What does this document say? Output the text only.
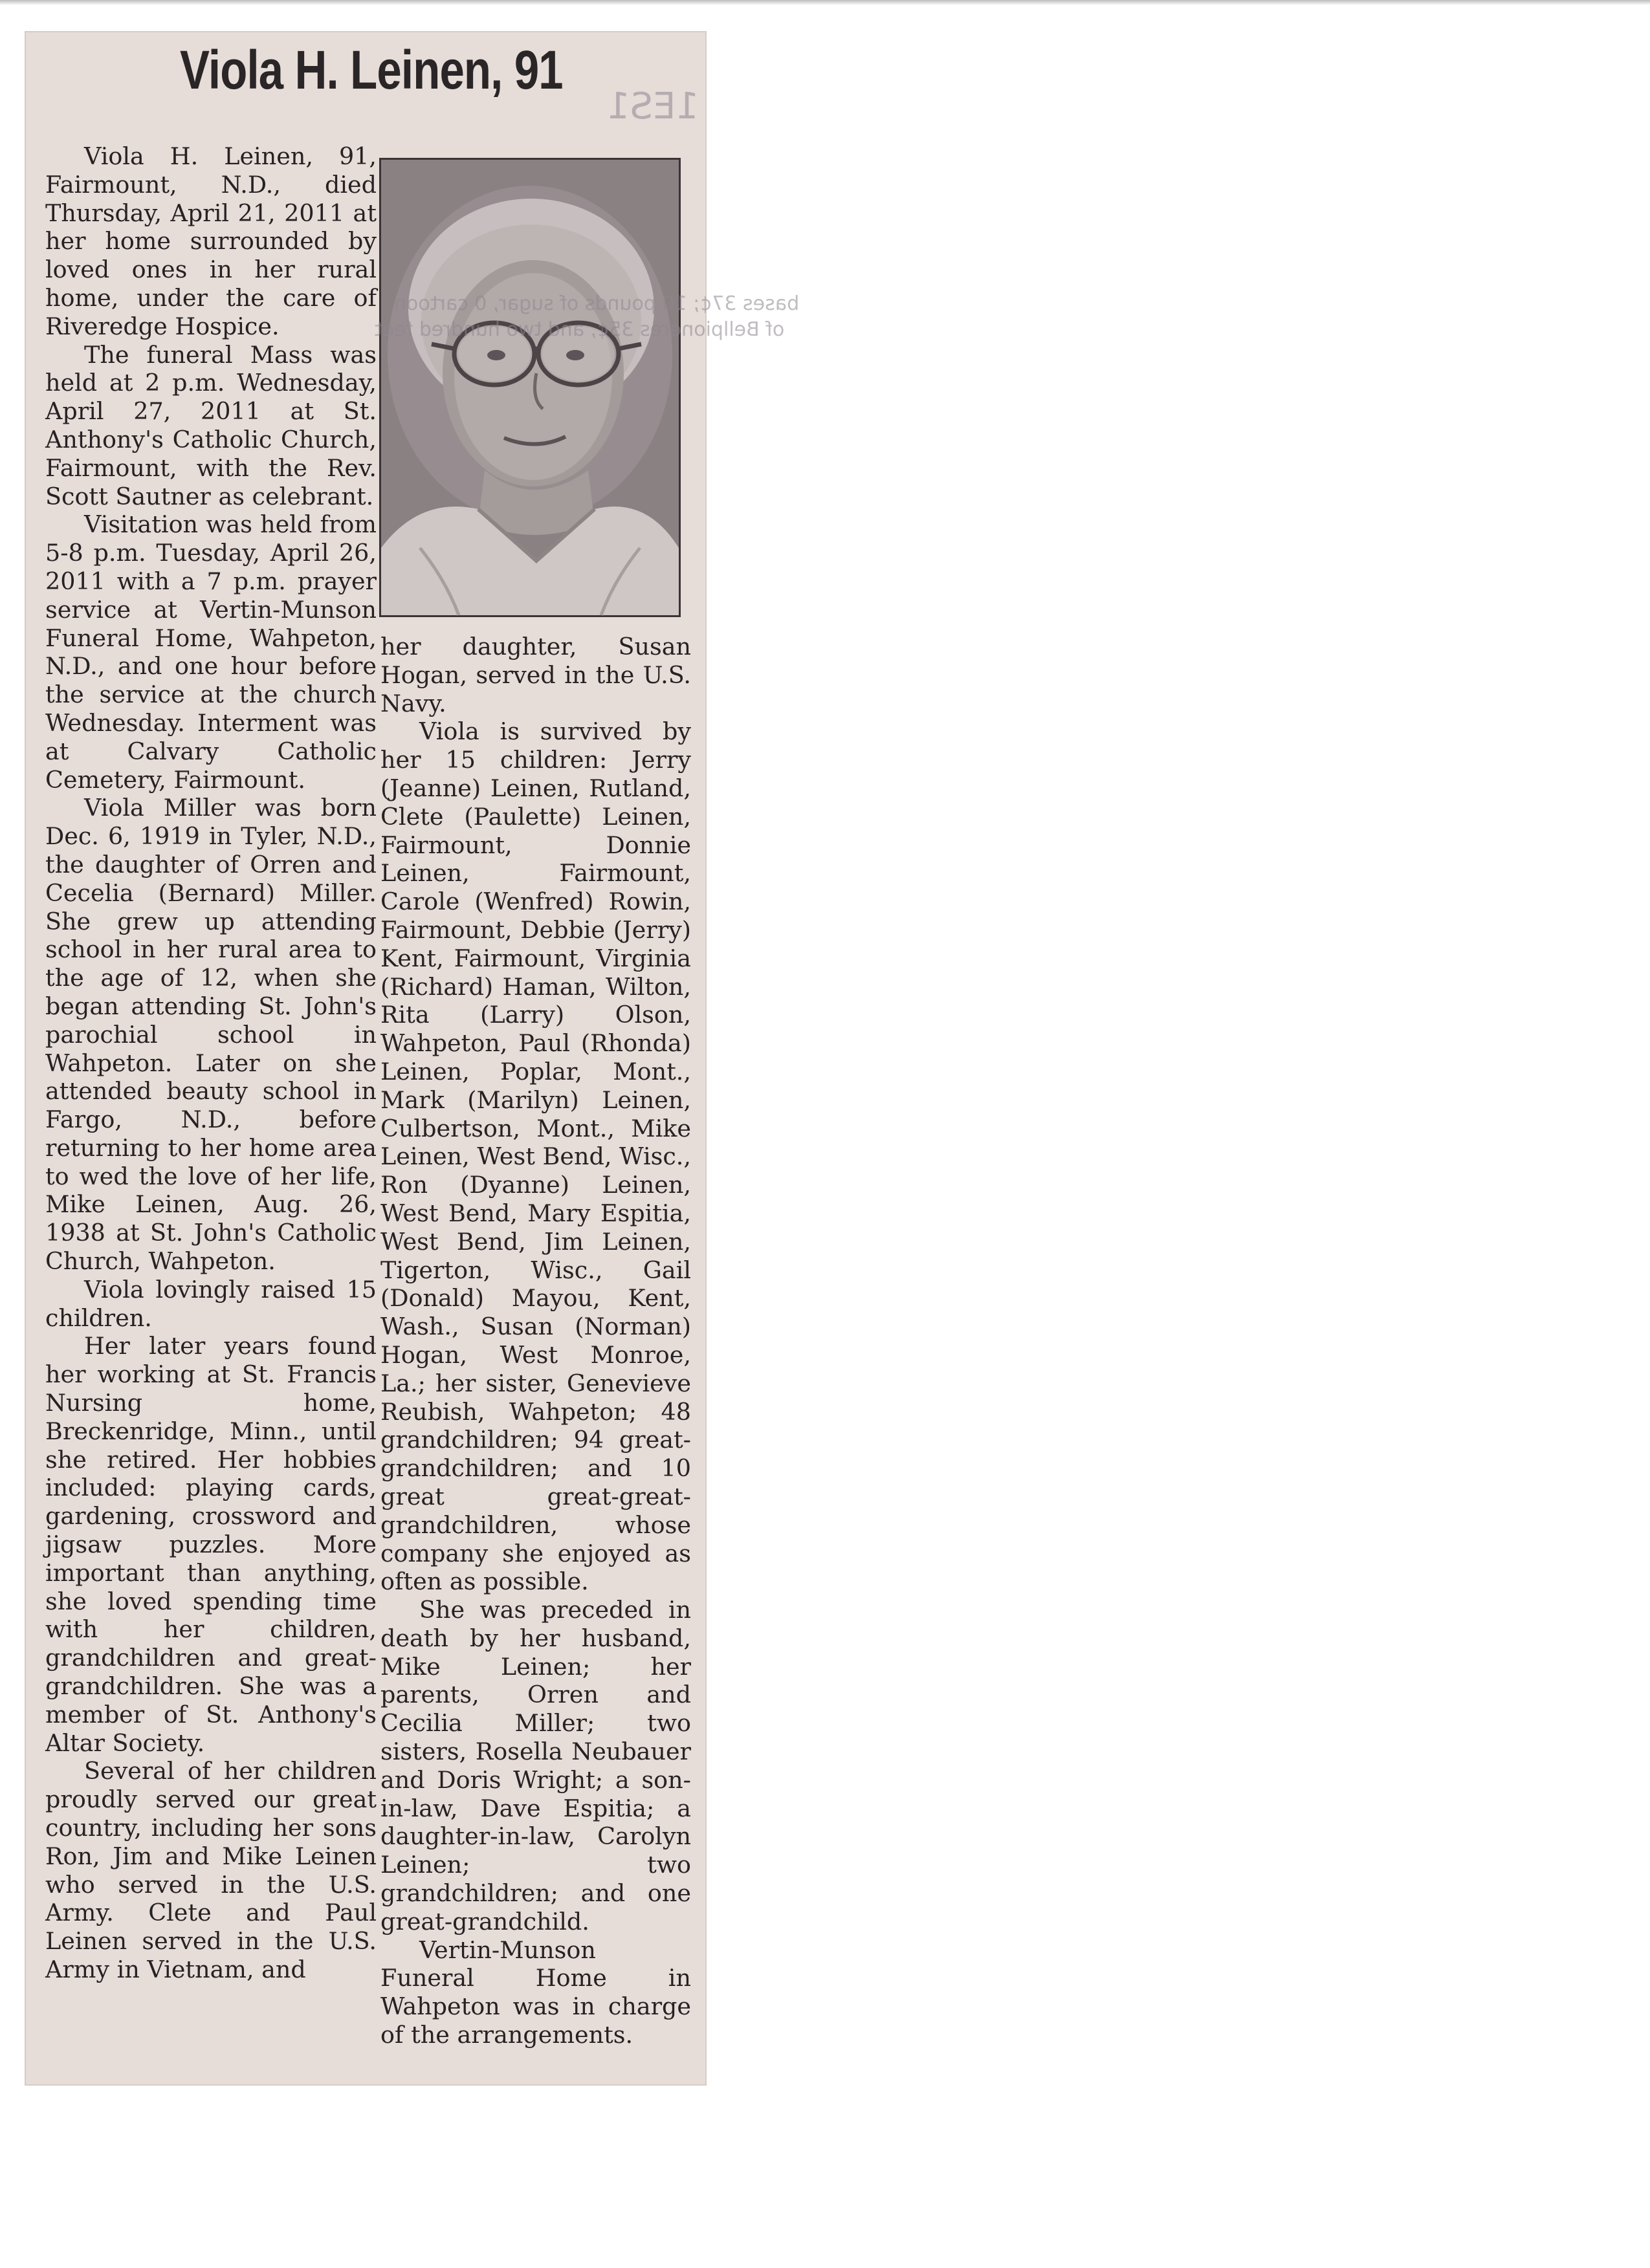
Viola H. Leinen, 91
1ES1

Viola H. Leinen, 91, Fairmount, N.D., died Thursday, April 21, 2011 at her home surrounded by loved ones in her rural home, under the care of Riveredge Hospice.

The funeral Mass was held at 2 p.m. Wednesday, April 27, 2011 at St. Anthony's Catholic Church, Fairmount, with the Rev. Scott Sautner as celebrant.

Visitation was held from 5-8 p.m. Tuesday, April 26, 2011 with a 7 p.m. prayer service at Vertin-Munson Funeral Home, Wahpeton, N.D., and one hour before the service at the church Wednesday. Interment was at Calvary Catholic Cemetery, Fairmount.

Viola Miller was born Dec. 6, 1919 in Tyler, N.D., the daughter of Orren and Cecelia (Bernard) Miller. She grew up attending school in her rural area to the age of 12, when she began attending St. John's parochial school in Wahpeton. Later on she attended beauty school in Fargo, N.D., before returning to her home area to wed the love of her life, Mike Leinen, Aug. 26, 1938 at St. John's Catholic Church, Wahpeton.

Viola lovingly raised 15 children.

Her later years found her working at St. Francis Nursing home, Breckenridge, Minn., until she retired. Her hobbies included: playing cards, gardening, crossword and jigsaw puzzles. More important than anything, she loved spending time with her children, grandchildren and great-grandchildren. She was a member of St. Anthony's Altar Society.

Several of her children proudly served our great country, including her sons Ron, Jim and Mike Leinen who served in the U.S. Army. Clete and Paul Leinen served in the U.S. Army in Vietnam, and

bases 37¢; 10 pounds of sugar, 0 cartoon
of Bellpioneres 35¢, and two hundred feet

her daughter, Susan Hogan, served in the U.S. Navy.

Viola is survived by her 15 children: Jerry (Jeanne) Leinen, Rutland, Clete (Paulette) Leinen, Fairmount, Donnie Leinen, Fairmount, Carole (Wenfred) Rowin, Fairmount, Debbie (Jerry) Kent, Fairmount, Virginia (Richard) Haman, Wilton, Rita (Larry) Olson, Wahpeton, Paul (Rhonda) Leinen, Poplar, Mont., Mark (Marilyn) Leinen, Culbertson, Mont., Mike Leinen, West Bend, Wisc., Ron (Dyanne) Leinen, West Bend, Mary Espitia, West Bend, Jim Leinen, Tigerton, Wisc., Gail (Donald) Mayou, Kent, Wash., Susan (Norman) Hogan, West Monroe, La.; her sister, Genevieve Reubish, Wahpeton; 48 grandchildren; 94 great-grandchildren; and 10 great great-great-grandchildren, whose company she enjoyed as often as possible.

She was preceded in death by her husband, Mike Leinen; her parents, Orren and Cecilia Miller; two sisters, Rosella Neubauer and Doris Wright; a son-in-law, Dave Espitia; a daughter-in-law, Carolyn Leinen; two grandchildren; and one great-grandchild.

Vertin-Munson Funeral Home in Wahpeton was in charge of the arrangements.
